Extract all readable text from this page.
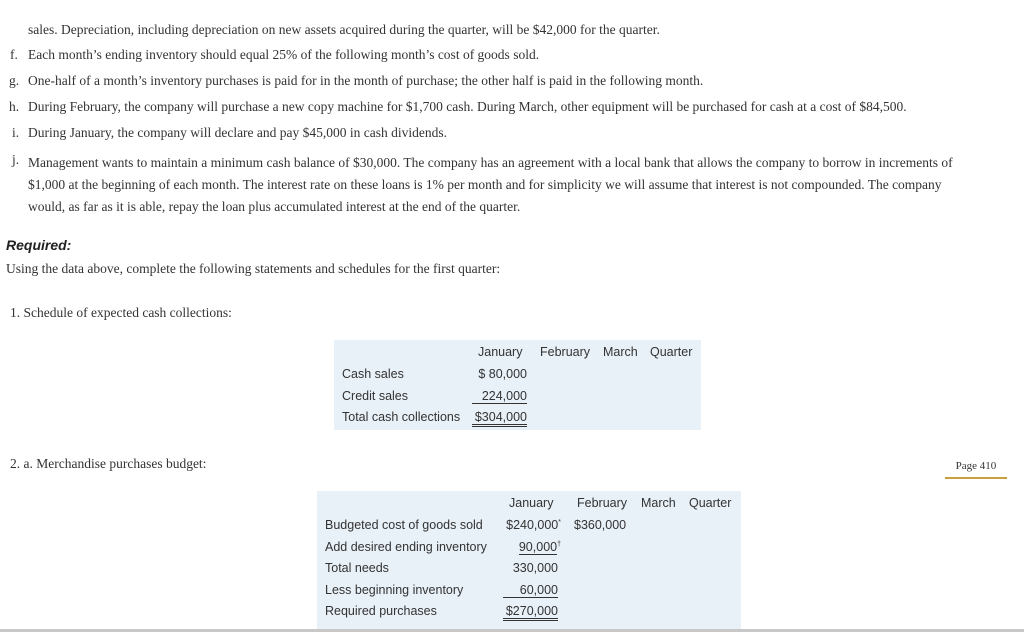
sales. Depreciation, including depreciation on new assets acquired during the quarter, will be $42,000 for the quarter.
f. Each month’s ending inventory should equal 25% of the following month’s cost of goods sold.
g. One-half of a month’s inventory purchases is paid for in the month of purchase; the other half is paid in the following month.
h. During February, the company will purchase a new copy machine for $1,700 cash. During March, other equipment will be purchased for cash at a cost of $84,500.
i. During January, the company will declare and pay $45,000 in cash dividends.
j. Management wants to maintain a minimum cash balance of $30,000. The company has an agreement with a local bank that allows the company to borrow in increments of $1,000 at the beginning of each month. The interest rate on these loans is 1% per month and for simplicity we will assume that interest is not compounded. The company would, as far as it is able, repay the loan plus accumulated interest at the end of the quarter.
Required:
Using the data above, complete the following statements and schedules for the first quarter:
1. Schedule of expected cash collections:
January February March Quarter
Cash sales	$ 80,000
Credit sales	224,000
Total cash collections $304,000
2. a. Merchandise purchases budget:	Page 410
January February March Quarter
Budgeted cost of goods sold $240,000* $360,000
Add desired ending inventory	90,000†
Total needs	330,000
Less beginning inventory	60,000
Required purchases	$270,000
